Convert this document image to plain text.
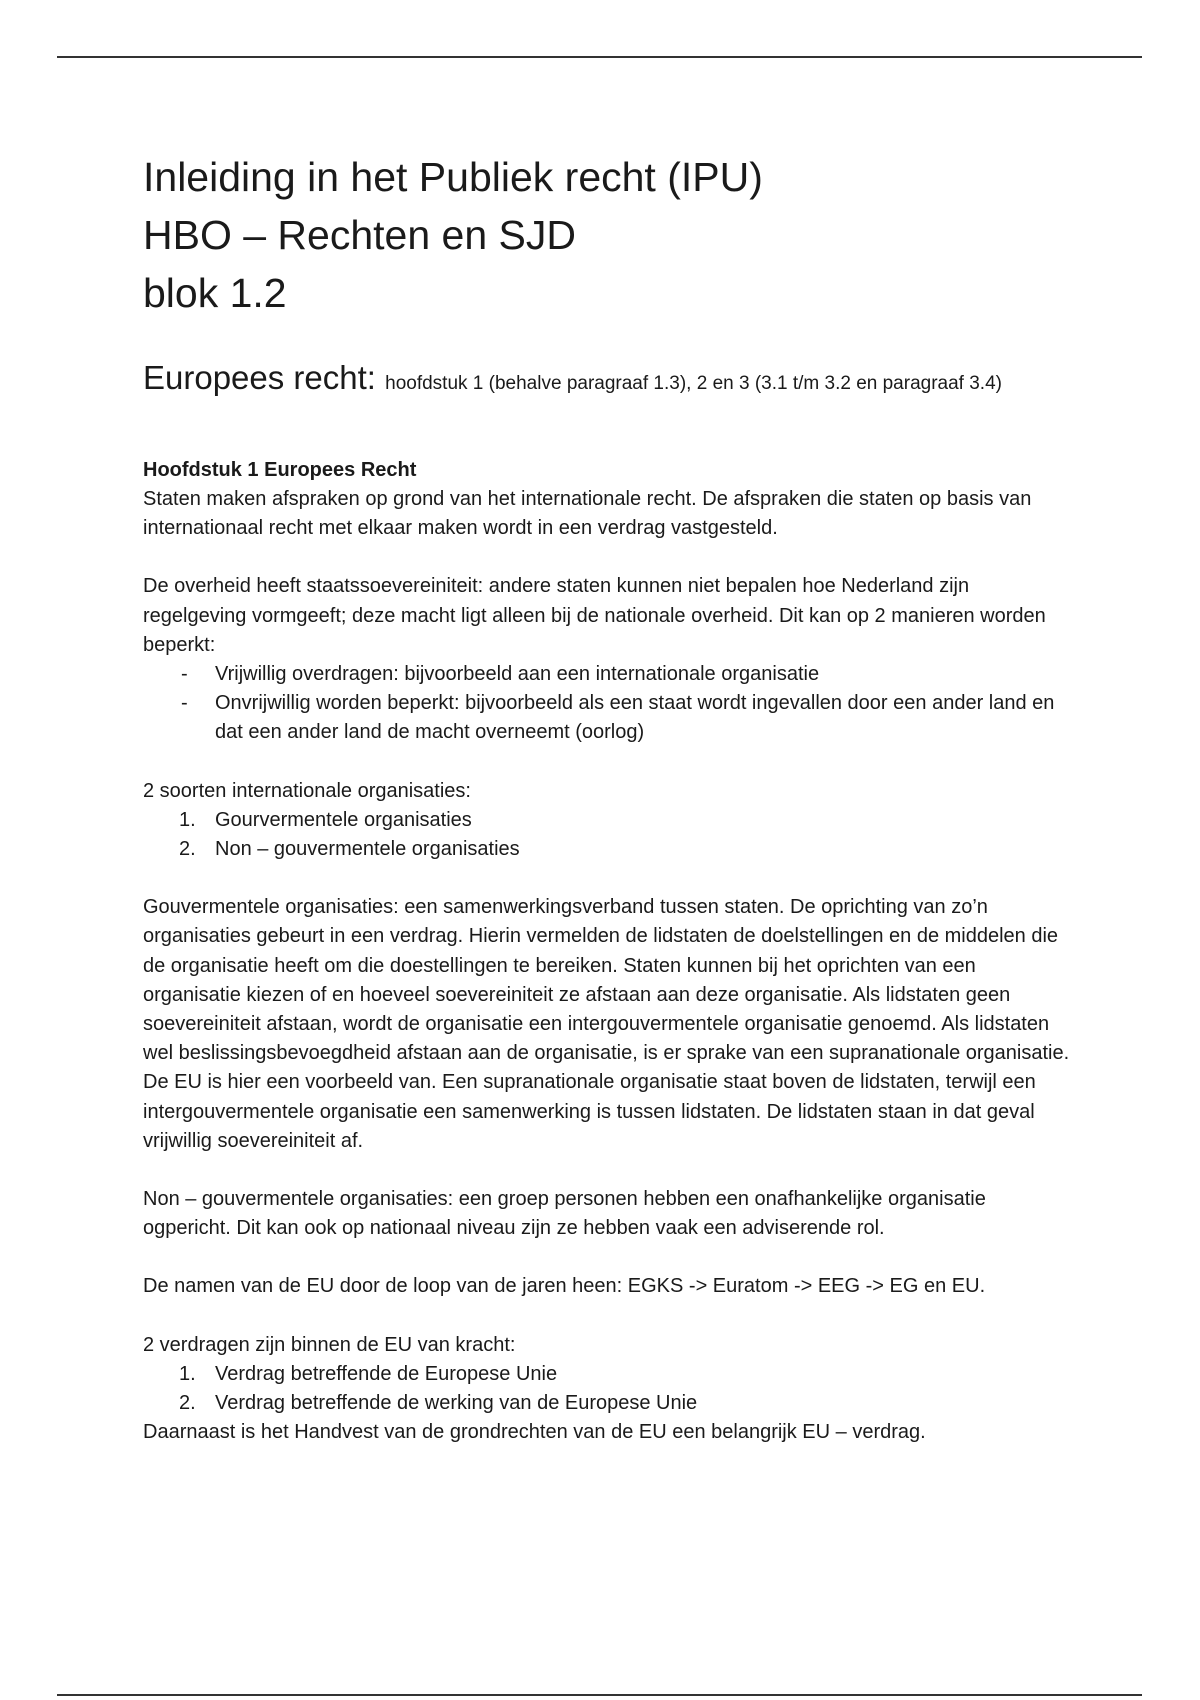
Inleiding in het Publiek recht (IPU)
HBO – Rechten en SJD
blok 1.2
Europees recht: hoofdstuk 1 (behalve paragraaf 1.3), 2 en 3 (3.1 t/m 3.2 en paragraaf 3.4)
Hoofdstuk 1 Europees Recht

Staten maken afspraken op grond van het internationale recht. De afspraken die staten op basis van internationaal recht met elkaar maken wordt in een verdrag vastgesteld.

De overheid heeft staatssoevereiniteit: andere staten kunnen niet bepalen hoe Nederland zijn regelgeving vormgeeft; deze macht ligt alleen bij de nationale overheid. Dit kan op 2 manieren worden beperkt:

- Vrijwillig overdragen: bijvoorbeeld aan een internationale organisatie
- Onvrijwillig worden beperkt: bijvoorbeeld als een staat wordt ingevallen door een ander land en dat een ander land de macht overneemt (oorlog)

2 soorten internationale organisaties:

1. Gourvermentele organisaties
2. Non – gouvermentele organisaties

Gouvermentele organisaties: een samenwerkingsverband tussen staten. De oprichting van zo’n organisaties gebeurt in een verdrag. Hierin vermelden de lidstaten de doelstellingen en de middelen die de organisatie heeft om die doestellingen te bereiken. Staten kunnen bij het oprichten van een organisatie kiezen of en hoeveel soevereiniteit ze afstaan aan deze organisatie. Als lidstaten geen soevereiniteit afstaan, wordt de organisatie een intergouvermentele organisatie genoemd. Als lidstaten wel beslissingsbevoegdheid afstaan aan de organisatie, is er sprake van een supranationale organisatie. De EU is hier een voorbeeld van. Een supranationale organisatie staat boven de lidstaten, terwijl een intergouvermentele organisatie een samenwerking is tussen lidstaten. De lidstaten staan in dat geval vrijwillig soevereiniteit af.

Non – gouvermentele organisaties: een groep personen hebben een onafhankelijke organisatie ogpericht. Dit kan ook op nationaal niveau zijn ze hebben vaak een adviserende rol.

De namen van de EU door de loop van de jaren heen: EGKS -> Euratom -> EEG -> EG en EU.

2 verdragen zijn binnen de EU van kracht:

1. Verdrag betreffende de Europese Unie
2. Verdrag betreffende de werking van de Europese Unie

Daarnaast is het Handvest van de grondrechten van de EU een belangrijk EU – verdrag.
